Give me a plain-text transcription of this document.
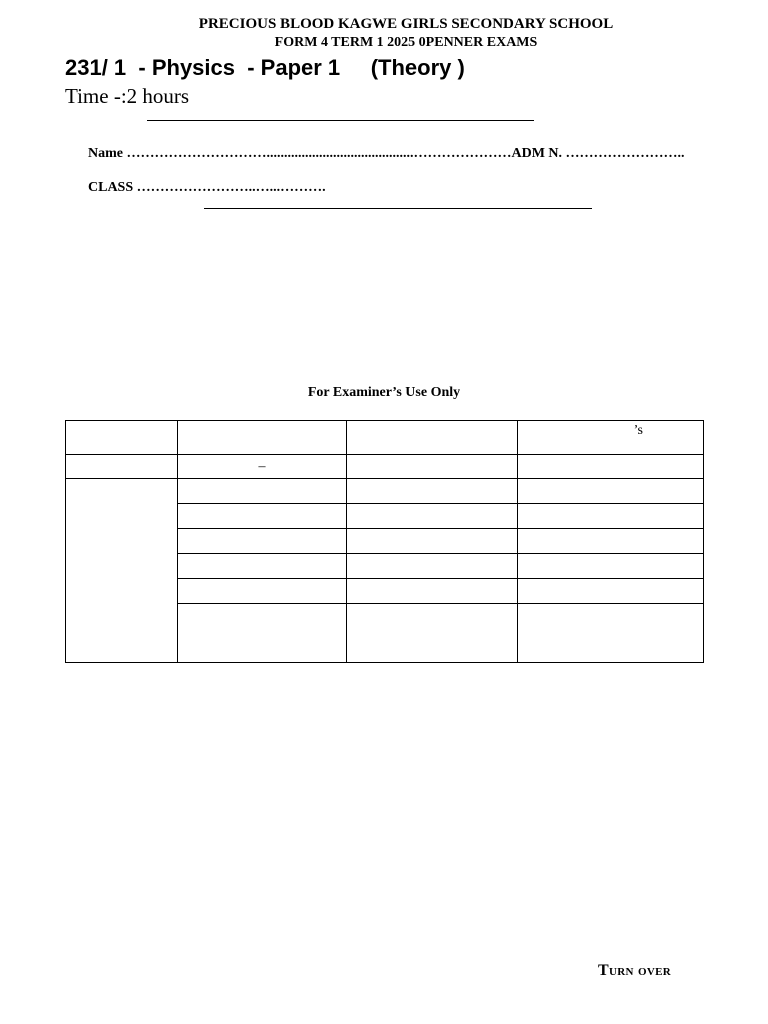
PRECIOUS BLOOD KAGWE GIRLS SECONDARY SCHOOL
FORM 4 TERM 1 2025 0PENNER EXAMS
231/ 1  - Physics  - Paper 1     (Theory )
Time -:2 hours
Name …………………………..........................................…………………ADM N. ……………………..
CLASS ……………………..…...……….
For Examiner’s Use Only
			’s
	–		

Turn over
